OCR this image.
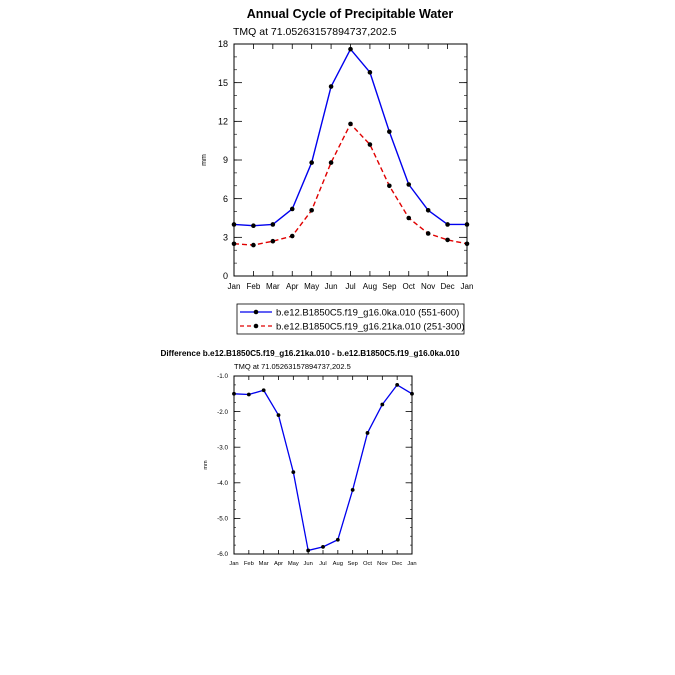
Annual Cycle of Precipitable Water
TMQ at 71.05263157894737,202.5
mm
Jan Feb Mar Apr May Jun Jul Aug Sep Oct Nov Dec Jan
0
3
6
9
12
15
18
b.e12.B1850C5.f19_g16.0ka.010 (551-600)
b.e12.B1850C5.f19_g16.21ka.010 (251-300)
Difference b.e12.B1850C5.f19_g16.21ka.010 - b.e12.B1850C5.f19_g16.0ka.010
TMQ at 71.05263157894737,202.5
mm
Jan Feb Mar Apr May Jun Jul Aug Sep Oct Nov Dec Jan
-6.0
-5.0
-4.0
-3.0
-2.0
-1.0
